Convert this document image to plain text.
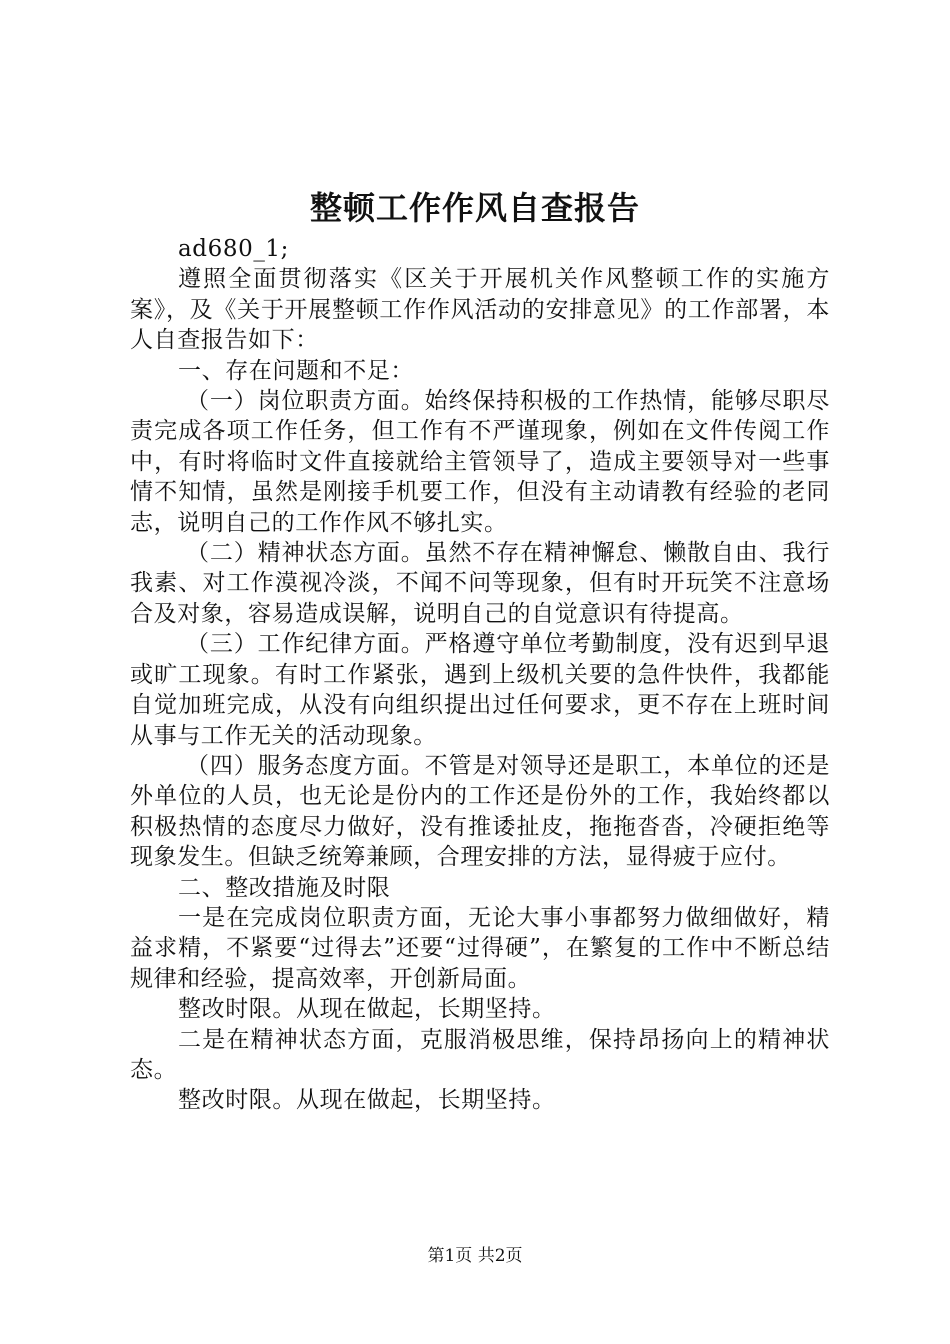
整顿工作作风自查报告

ad680_1;

遵照全面贯彻落实《区关于开展机关作风整顿工作的实施方案》，及《关于开展整顿工作作风活动的安排意见》的工作部署，本人自查报告如下：

一、存在问题和不足：

（一）岗位职责方面。始终保持积极的工作热情，能够尽职尽责完成各项工作任务，但工作有不严谨现象，例如在文件传阅工作中，有时将临时文件直接就给主管领导了，造成主要领导对一些事情不知情，虽然是刚接手机要工作，但没有主动请教有经验的老同志，说明自己的工作作风不够扎实。

（二）精神状态方面。虽然不存在精神懈怠、懒散自由、我行我素、对工作漠视冷淡，不闻不问等现象，但有时开玩笑不注意场合及对象，容易造成误解，说明自己的自觉意识有待提高。

（三）工作纪律方面。严格遵守单位考勤制度，没有迟到早退或旷工现象。有时工作紧张，遇到上级机关要的急件快件，我都能自觉加班完成，从没有向组织提出过任何要求，更不存在上班时间从事与工作无关的活动现象。

（四）服务态度方面。不管是对领导还是职工，本单位的还是外单位的人员，也无论是份内的工作还是份外的工作，我始终都以积极热情的态度尽力做好，没有推诿扯皮，拖拖沓沓，冷硬拒绝等现象发生。但缺乏统筹兼顾，合理安排的方法，显得疲于应付。

二、整改措施及时限

一是在完成岗位职责方面，无论大事小事都努力做细做好，精益求精，不紧要“过得去”还要“过得硬”，在繁复的工作中不断总结规律和经验，提高效率，开创新局面。

整改时限。从现在做起，长期坚持。

二是在精神状态方面，克服消极思维，保持昂扬向上的精神状态。

整改时限。从现在做起，长期坚持。

第1页 共2页
